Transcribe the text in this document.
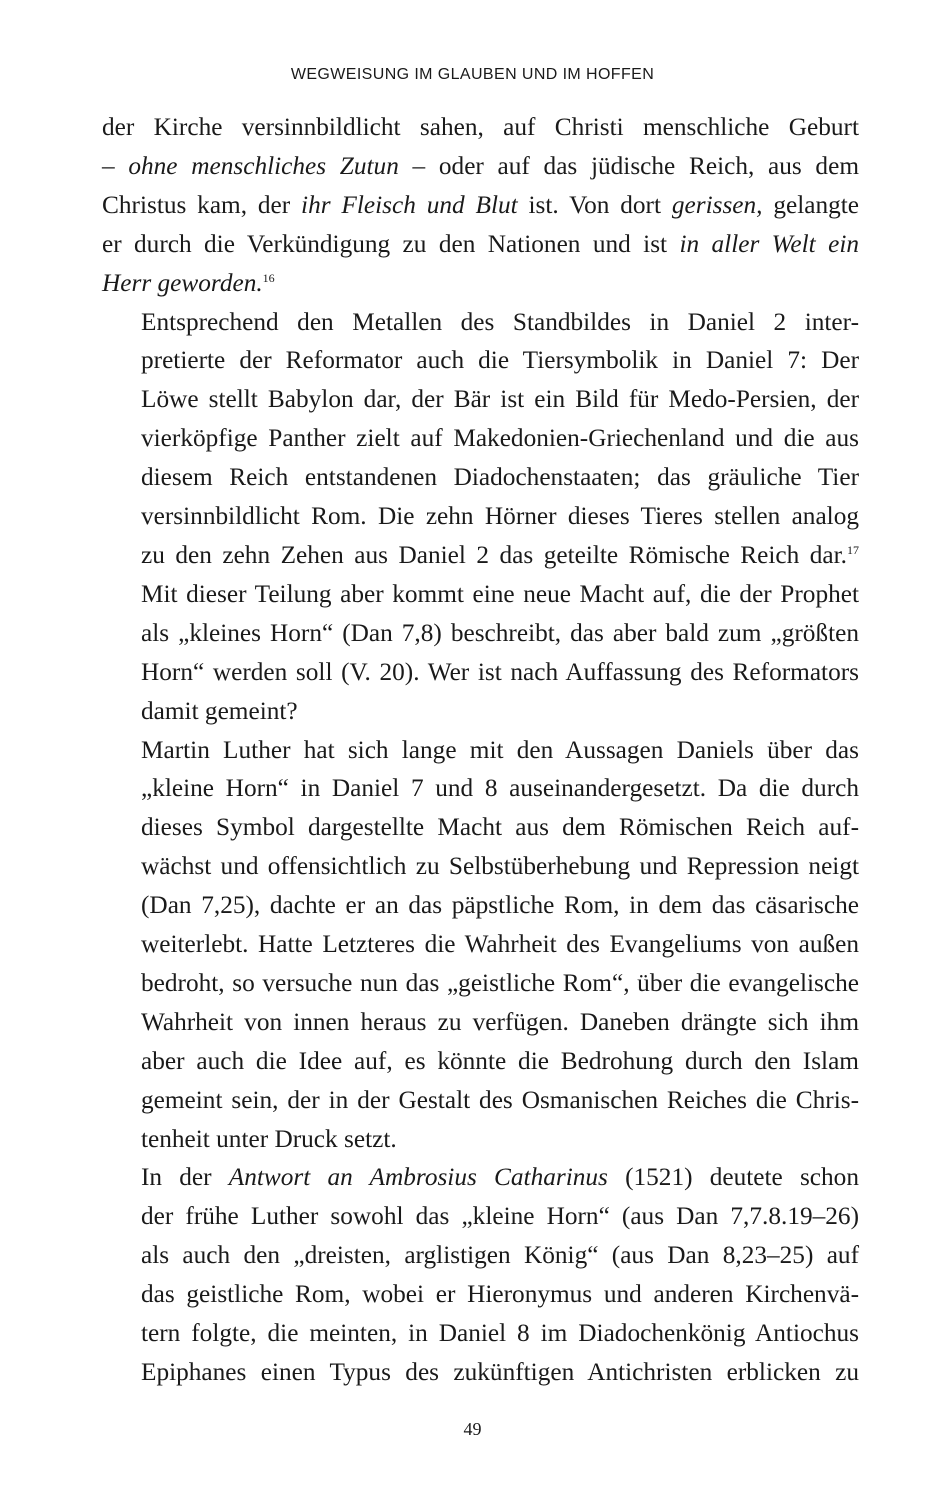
WEGWEISUNG IM GLAUBEN UND IM HOFFEN

der Kirche versinnbildlicht sahen, auf Christi menschliche Geburt
– ohne menschliches Zutun – oder auf das jüdische Reich, aus dem
Christus kam, der ihr Fleisch und Blut ist. Von dort gerissen, gelangte
er durch die Verkündigung zu den Nationen und ist in aller Welt ein
Herr geworden.$^{16}$

Entsprechend den Metallen des Standbildes in Daniel 2 inter-
pretierte der Reformator auch die Tiersymbolik in Daniel 7: Der
Löwe stellt Babylon dar, der Bär ist ein Bild für Medo-Persien, der
vierköpfige Panther zielt auf Makedonien-Griechenland und die aus
diesem Reich entstandenen Diadochenstaaten; das gräuliche Tier
versinnbildlicht Rom. Die zehn Hörner dieses Tieres stellen analog
zu den zehn Zehen aus Daniel 2 das geteilte Römische Reich dar.$^{17}$
Mit dieser Teilung aber kommt eine neue Macht auf, die der Prophet
als „kleines Horn“ (Dan 7,8) beschreibt, das aber bald zum „größten
Horn“ werden soll (V. 20). Wer ist nach Auffassung des Reformators
damit gemeint?

Martin Luther hat sich lange mit den Aussagen Daniels über das
„kleine Horn“ in Daniel 7 und 8 auseinandergesetzt. Da die durch
dieses Symbol dargestellte Macht aus dem Römischen Reich auf-
wächst und offensichtlich zu Selbstüberhebung und Repression neigt
(Dan 7,25), dachte er an das päpstliche Rom, in dem das cäsarische
weiterlebt. Hatte Letzteres die Wahrheit des Evangeliums von außen
bedroht, so versuche nun das „geistliche Rom“, über die evangelische
Wahrheit von innen heraus zu verfügen. Daneben drängte sich ihm
aber auch die Idee auf, es könnte die Bedrohung durch den Islam
gemeint sein, der in der Gestalt des Osmanischen Reiches die Chris-
tenheit unter Druck setzt.

In der Antwort an Ambrosius Catharinus (1521) deutete schon
der frühe Luther sowohl das „kleine Horn“ (aus Dan 7,7.8.19–26)
als auch den „dreisten, arglistigen König“ (aus Dan 8,23–25) auf
das geistliche Rom, wobei er Hieronymus und anderen Kirchenvä-
tern folgte, die meinten, in Daniel 8 im Diadochenkönig Antiochus
Epiphanes einen Typus des zukünftigen Antichristen erblicken zu

49
